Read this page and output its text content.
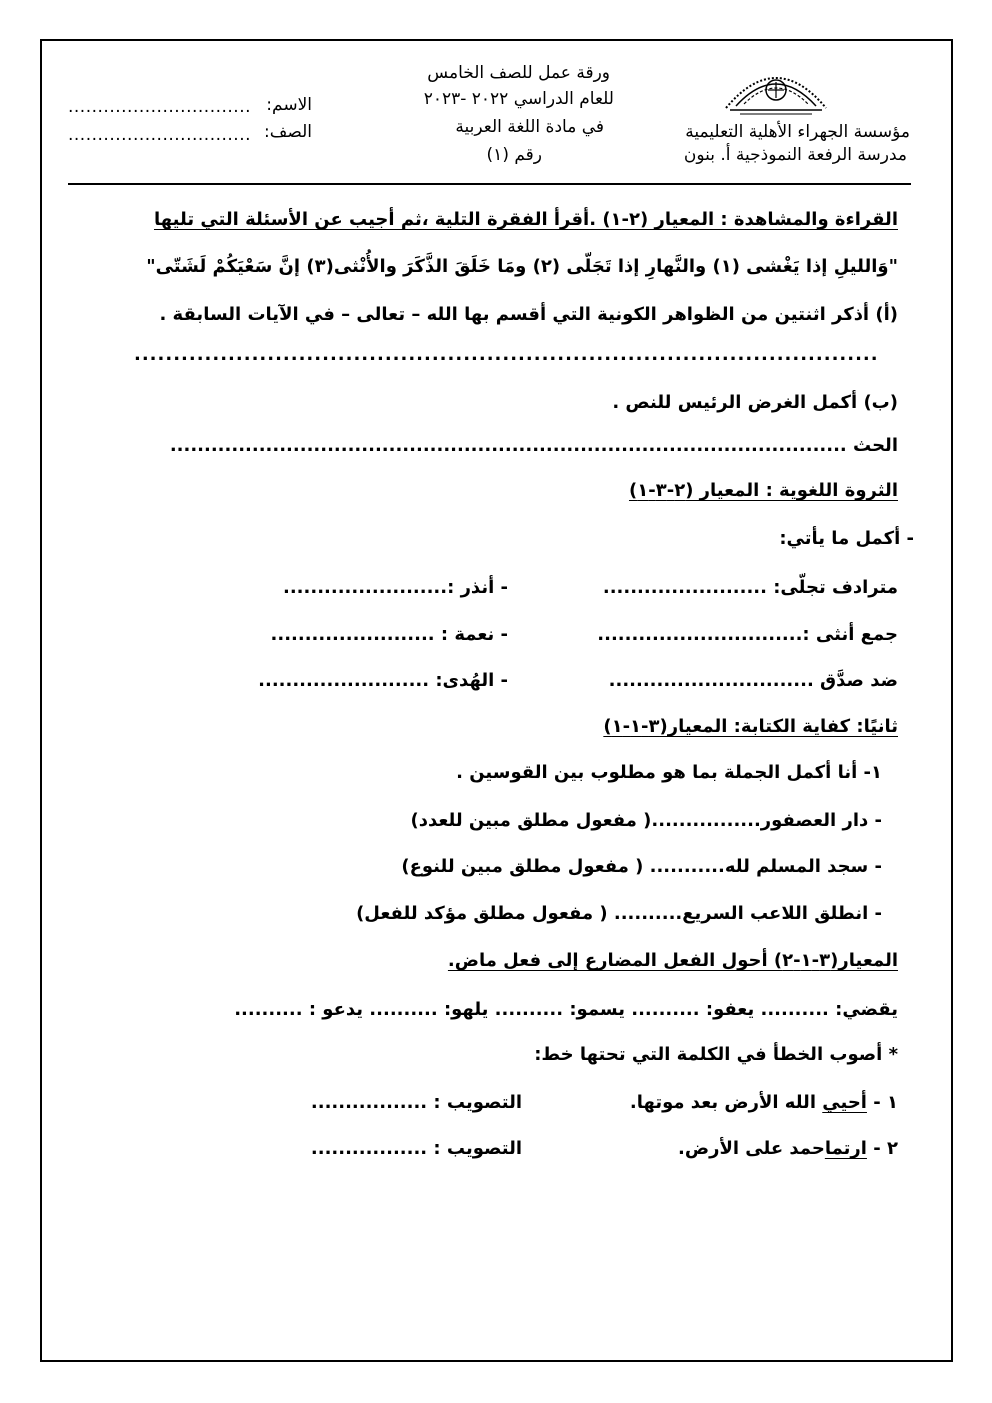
ورقة عمل للصف الخامس
للعام الدراسي ٢٠٢٢ -٢٠٢٣
في مادة اللغة العربية
رقم (١)
الاسم:
...............................
الصف:
...............................	مؤسسة الجهراء الأهلية التعليمية
مدرسة الرفعة النموذجية أ. بنون
القراءة والمشاهدة : المعيار (٢-١) .أقرأ الفقرة التلية ،ثم أجيب عن الأسئلة التي تليها
"وَالليلِ إذا يَغْشى (١) والنَّهارِ إذا تَجَلّى (٢) ومَا خَلَقَ الذَّكَرَ والأُنْثى(٣) إنَّ سَعْيَكُمْ لَشَتّى"
(أ) أذكر اثنتين من الظواهر الكونية التي أقسم بها الله – تعالى – في الآيات السابقة .
...............................................................................................
(ب) أكمل الغرض الرئيس للنص .
الحث ...................................................................................................
الثروة اللغوية : المعيار (٢-٣-١)
- أكمل ما يأتي:
مترادف تجلّى: ........................
- أنذر :........................
جمع أنثى :..............................
- نعمة : ........................
ضد صدَّق ..............................
- الهُدى: .........................
ثانيًا: كفاية الكتابة: المعيار(٣-١-١)
١- أنا أكمل الجملة بما هو مطلوب بين القوسين .
- دار العصفور................( مفعول مطلق مبين للعدد)
- سجد المسلم لله........... ( مفعول مطلق مبين للنوع)
- انطلق اللاعب السريع.......... ( مفعول مطلق مؤكد للفعل)
المعيار(٣-١-٢) أحول الفعل المضارع إلى فعل ماض.
يقضي: .......... يعفو: .......... يسمو: .......... يلهو: .......... يدعو : ..........
* أصوب الخطأ في الكلمة التي تحتها خط:
١ - أحيي الله الأرض بعد موتها.
التصويب : .................
٢ - ارتماحمد على الأرض.
التصويب : .................
